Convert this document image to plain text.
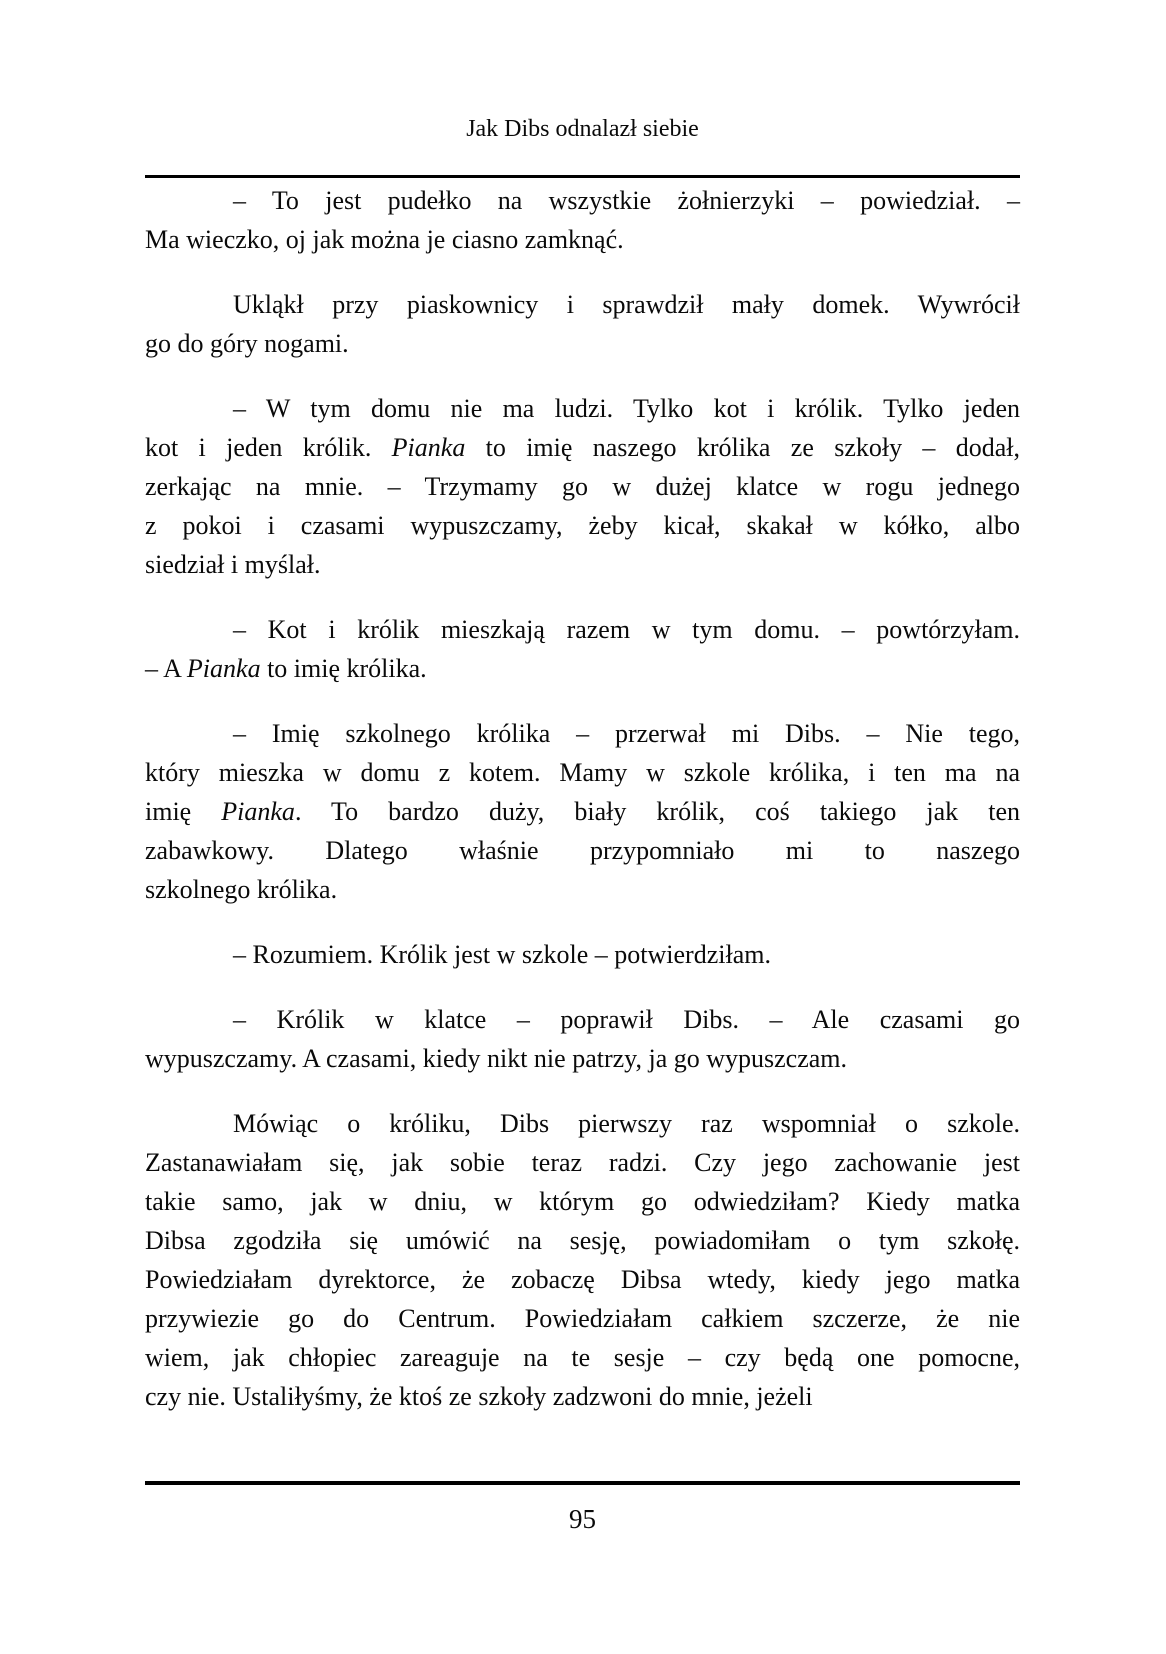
Jak Dibs odnalazł siebie
– To jest pudełko na wszystkie żołnierzyki – powiedział. –
Ma wieczko, oj jak można je ciasno zamknąć.
Ukląkł przy piaskownicy i sprawdził mały domek. Wywrócił
go do góry nogami.
– W tym domu nie ma ludzi. Tylko kot i królik. Tylko jeden
kot i jeden królik. Pianka to imię naszego królika ze szkoły – dodał,
zerkając na mnie. – Trzymamy go w dużej klatce w rogu jednego
z pokoi i czasami wypuszczamy, żeby kicał, skakał w kółko, albo
siedział i myślał.
– Kot i królik mieszkają razem w tym domu. – powtórzyłam.
– A Pianka to imię królika.
– Imię szkolnego królika – przerwał mi Dibs. – Nie tego,
który mieszka w domu z kotem. Mamy w szkole królika, i ten ma na
imię Pianka. To bardzo duży, biały królik, coś takiego jak ten
zabawkowy. Dlatego właśnie przypomniało mi to naszego
szkolnego królika.
– Rozumiem. Królik jest w szkole – potwierdziłam.
– Królik w klatce – poprawił Dibs. – Ale czasami go
wypuszczamy. A czasami, kiedy nikt nie patrzy, ja go wypuszczam.
Mówiąc o króliku, Dibs pierwszy raz wspomniał o szkole.
Zastanawiałam się, jak sobie teraz radzi. Czy jego zachowanie jest
takie samo, jak w dniu, w którym go odwiedziłam? Kiedy matka
Dibsa zgodziła się umówić na sesję, powiadomiłam o tym szkołę.
Powiedziałam dyrektorce, że zobaczę Dibsa wtedy, kiedy jego matka
przywiezie go do Centrum. Powiedziałam całkiem szczerze, że nie
wiem, jak chłopiec zareaguje na te sesje – czy będą one pomocne,
czy nie. Ustaliłyśmy, że ktoś ze szkoły zadzwoni do mnie, jeżeli
95
